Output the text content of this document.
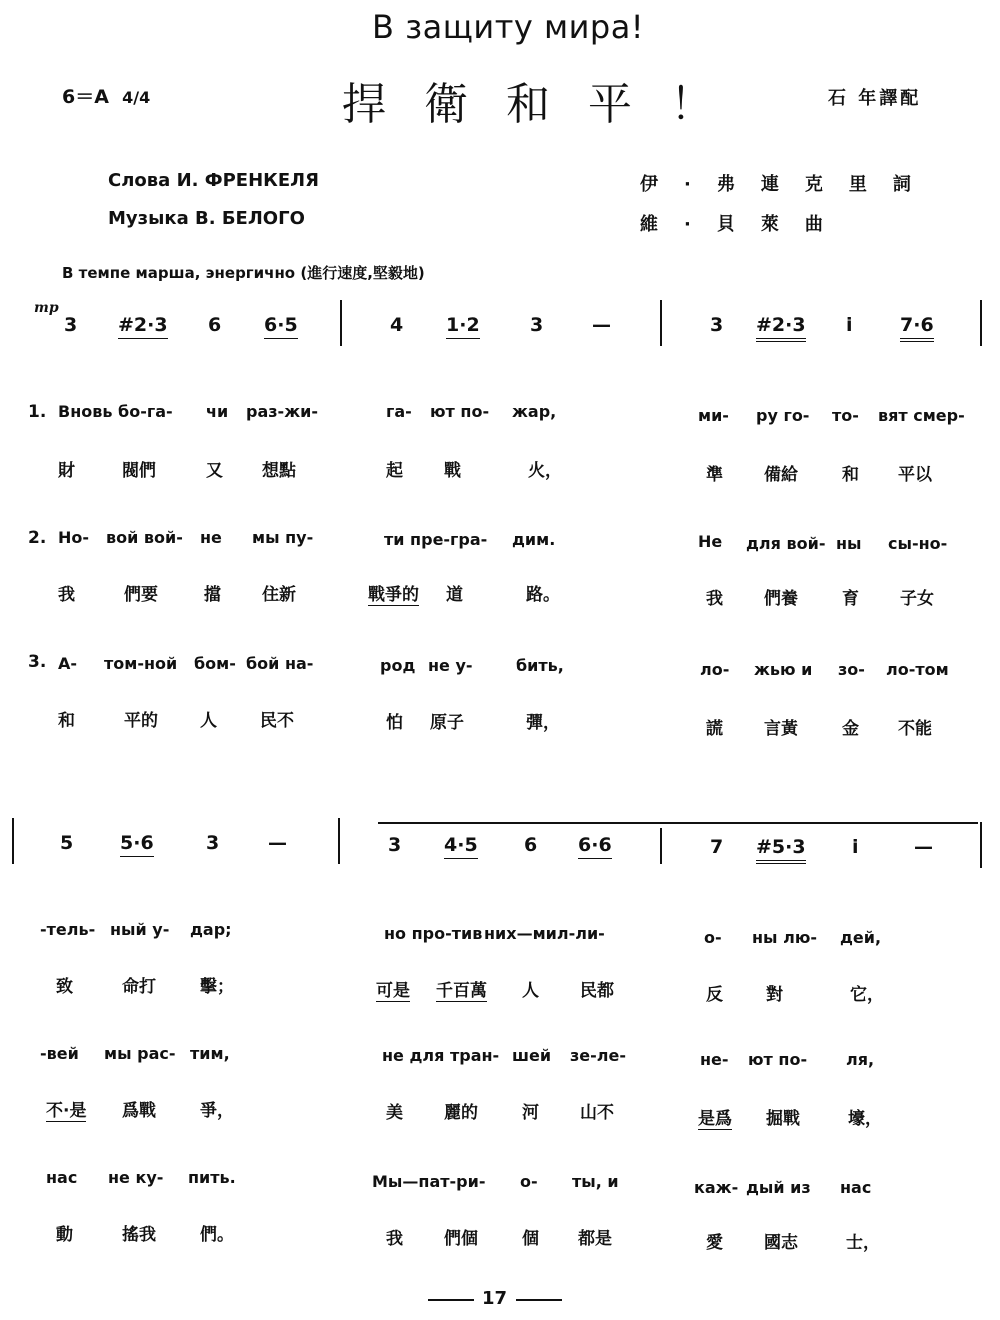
В защиту мира!
6＝A 4/4	捍衛和平！	石 年譯配
Слова И. ФРЕНКЕЛЯ
Музыка В. БЕЛОГО
伊·弗連克里詞
維·貝萊曲
В темпе марша, энергично (進行速度,堅毅地)
mp
3 #2·3 6 6·5	4 1·2	3	—	3 #2·3 i 7·6
1. Вновь бо-га- чи раз-жи-	га- ют по- жар,	ми- ру го- то- вят смер-
財	閥們	又 想點	起 戰	火，	準 備給	和 平以
2. Но- вой вой- не мы пу-	ти пре-гра- дим.	Не для вой- ны сы-но-
我	們要	擋 住新	戰爭的 道	路。	我 們養	育 子女
3. А- том-ной бом- бой на-	род не у-	бить,	ло- жью и зо- ло-том
和	平的 人	民不	怕 原子	彈，	謊 言黃	金 不能
5 5·6	3	—	3 4·5 6 6·6	7 #5·3 i	—
-тель- ный у- дар;	но про-тив них—мил-ли-	о- ны лю- дей,
致	命打	擊；	可是 千百萬 人 民都	反	對	它，
-вей мы рас- тим,	не для тран- шей зе-ле-	не- ют по- ля,
不·是 爲戰	爭，	美 麗的	河 山不	是爲 掘戰	壕，
нас не ку- пить.	Мы—пат-ри- о- ты, и	каж- дый из нас
動	搖我	們。	我 們個	個 都是	愛 國志	士，
17
